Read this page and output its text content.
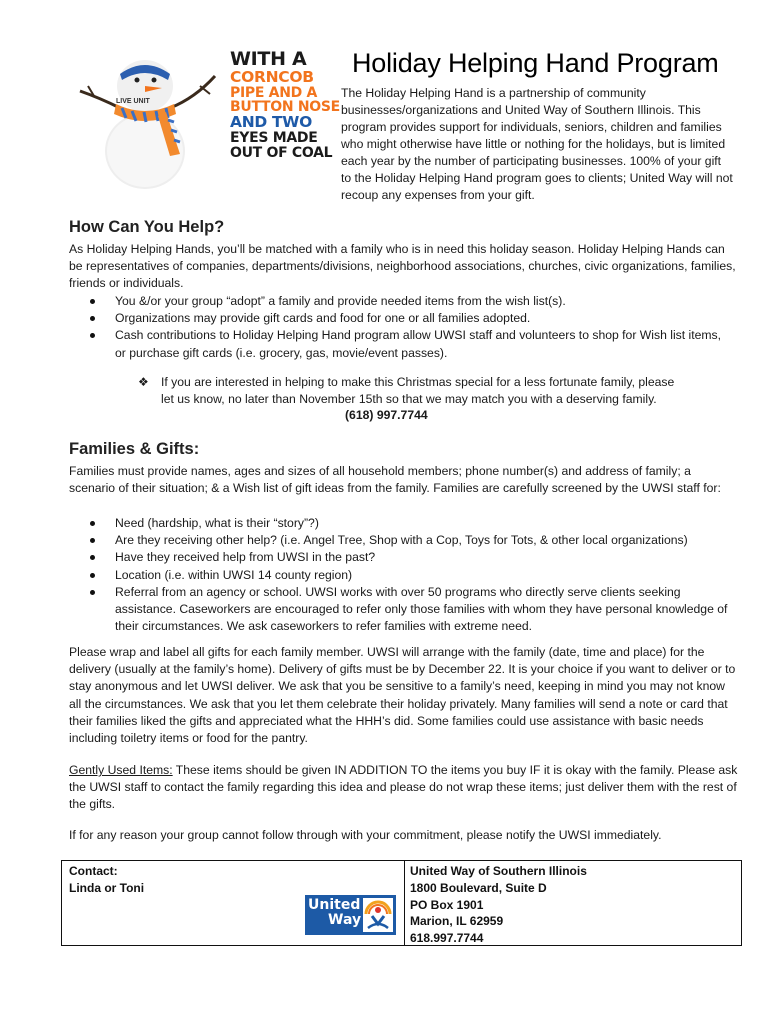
LIVE UNIT
WITH A
CORNCOB
PIPE AND A
BUTTON NOSE
AND TWO
EYES MADE
OUT OF COAL
Holiday Helping Hand Program
The Holiday Helping Hand is a partnership of community businesses/organizations and United Way of Southern Illinois. This program provides support for individuals, seniors, children and families who might otherwise have little or nothing for the holidays, but is limited each year by the number of participating businesses. 100% of your gift to the Holiday Helping Hand program goes to clients; United Way will not recoup any expenses from your gift.
How Can You Help?
As Holiday Helping Hands, you’ll be matched with a family who is in need this holiday season. Holiday Helping Hands can be representatives of companies, departments/divisions, neighborhood associations, churches, civic organizations, families, friends or individuals.
You &/or your group “adopt” a family and provide needed items from the wish list(s).
Organizations may provide gift cards and food for one or all families adopted.
Cash contributions to Holiday Helping Hand program allow UWSI staff and volunteers to shop for Wish list items, or purchase gift cards (i.e. grocery, gas, movie/event passes).
❖	If you are interested in helping to make this Christmas special for a less fortunate family, please let us know, no later than November 15th so that we may match you with a deserving family.
(618) 997.7744
Families & Gifts:
Families must provide names, ages and sizes of all household members; phone number(s) and address of family; a scenario of their situation; & a Wish list of gift ideas from the family. Families are carefully screened by the UWSI staff for:
Need (hardship, what is their “story”?)
Are they receiving other help? (i.e. Angel Tree, Shop with a Cop, Toys for Tots, & other local organizations)
Have they received help from UWSI in the past?
Location (i.e. within UWSI 14 county region)
Referral from an agency or school. UWSI works with over 50 programs who directly serve clients seeking assistance. Caseworkers are encouraged to refer only those families with whom they have personal knowledge of their circumstances. We ask caseworkers to refer families with extreme need.
Please wrap and label all gifts for each family member. UWSI will arrange with the family (date, time and place) for the delivery (usually at the family’s home). Delivery of gifts must be by December 22. It is your choice if you want to deliver or to stay anonymous and let UWSI deliver. We ask that you be sensitive to a family’s need, keeping in mind you may not know all the circumstances. We ask that you let them celebrate their holiday privately. Many families will send a note or card that their families liked the gifts and appreciated what the HHH’s did. Some families could use assistance with basic needs including toiletry items or food for the pantry.
Gently Used Items: These items should be given IN ADDITION TO the items you buy IF it is okay with the family. Please ask the UWSI staff to contact the family regarding this idea and please do not wrap these items; just deliver them with the rest of the gifts.
If for any reason your group cannot follow through with your commitment, please notify the UWSI immediately.
Contact:
Linda or Toni
United
Way
United Way of Southern Illinois
1800 Boulevard, Suite D
PO Box 1901
Marion, IL 62959
618.997.7744
